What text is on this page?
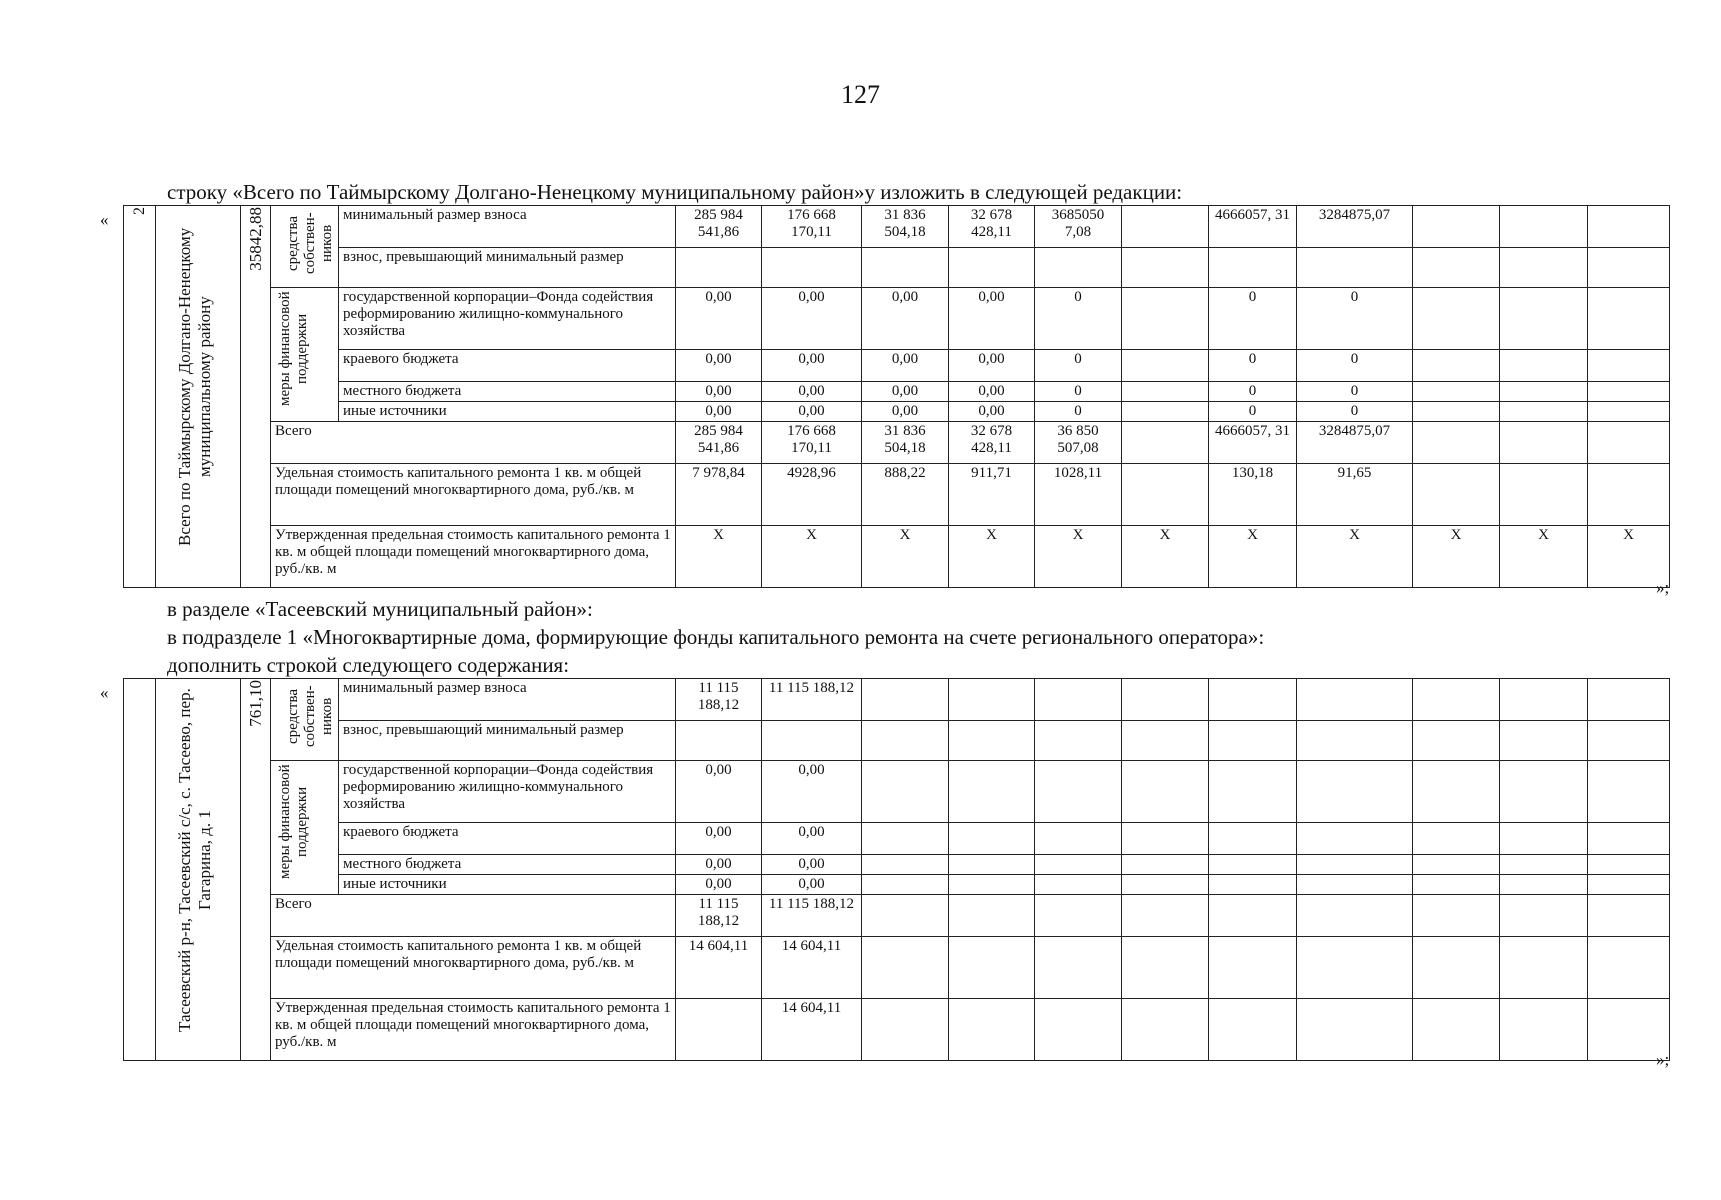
127
строку «Всего по Таймырскому Долгано-Ненецкому муниципальному район»у изложить в следующей редакции:
« 2	Всего по Таймырскому Долгано-Ненецкому муниципальному району	35842,88	средства собствен-ников	минимальный размер взноса	285 984 541,86	176 668 170,11	31 836 504,18	32 678 428,11	3685050 7,08		4666057, 31	3284875,07			
				взнос, превышающий минимальный размер											

			меры финансовой поддержки	государственной корпорации–Фонда содействия реформированию жилищно-коммунального хозяйства	0,00	0,00	0,00	0,00	0		0	0			
				краевого бюджета	0,00	0,00	0,00	0,00	0		0	0			
				местного бюджета	0,00	0,00	0,00	0,00	0		0	0			
				иные источники	0,00	0,00	0,00	0,00	0		0	0			
			Всего		285 984 541,86	176 668 170,11	31 836 504,18	32 678 428,11	36 850 507,08		4666057, 31	3284875,07			
			Удельная стоимость капитального ремонта 1 кв. м общей площади помещений многоквартирного дома, руб./кв. м		7 978,84	4928,96	888,22	911,71	1028,11		130,18	91,65			
			Утвержденная предельная стоимость капитального ремонта 1 кв. м общей площади помещений многоквартирного дома, руб./кв. м		X	X	X	X	X	X	X	X	X	X	X
»;
в разделе «Тасеевский муниципальный район»:
в подразделе 1 «Многоквартирные дома, формирующие фонды капитального ремонта на счете регионального оператора»:
дополнить строкой следующего содержания:
«

	Тасеевский р-н, Тасеевский с/с, с. Тасеево, пер. Гагарина, д. 1	761,10	средства собствен-ников	минимальный размер взноса	11 115 188,12	11 115 188,12									
				взнос, превышающий минимальный размер											

			меры финансовой поддержки	государственной корпорации–Фонда содействия реформированию жилищно-коммунального хозяйства	0,00	0,00									
				краевого бюджета	0,00	0,00									
				местного бюджета	0,00	0,00									
				иные источники	0,00	0,00									
			Всего		11 115 188,12	11 115 188,12									
			Удельная стоимость капитального ремонта 1 кв. м общей площади помещений многоквартирного дома, руб./кв. м		14 604,11	14 604,11									
			Утвержденная предельная стоимость капитального ремонта 1 кв. м общей площади помещений многоквартирного дома, руб./кв. м			14 604,11									
»;
